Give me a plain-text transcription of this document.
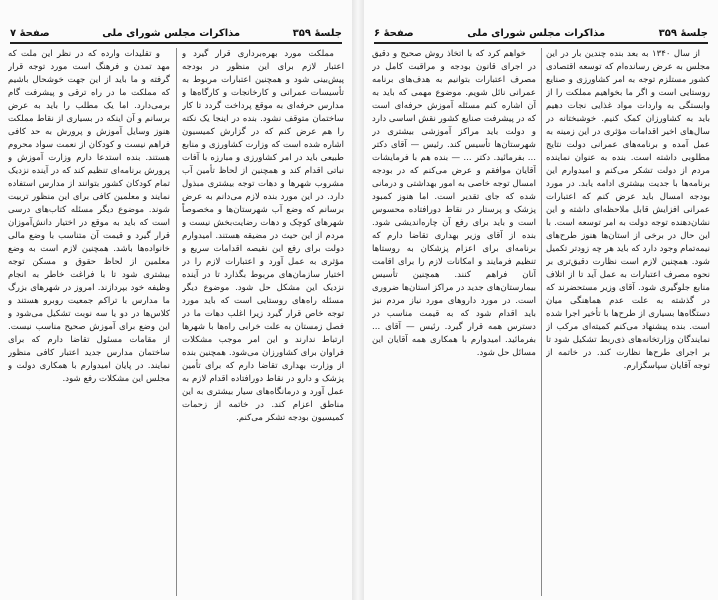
صفحهٔ ۷	مذاکرات مجلس شورای ملی	جلسهٔ ۳۵۹

مملکت مورد بهره‌برداری قرار گیرد و اعتبار لازم برای این منظور در بودجه پیش‌بینی شود و همچنین اعتبارات مربوط به تأسیسات عمرانی و کارخانجات و کارگاه‌ها و مدارس حرفه‌ای به موقع پرداخت گردد تا کار ساختمان متوقف نشود. بنده در اینجا یک نکته را هم عرض کنم که در گزارش کمیسیون اشاره شده است که وزارت کشاورزی و منابع طبیعی باید در امر کشاورزی و مبارزه با آفات نباتی اقدام کند و همچنین از لحاظ تأمین آب مشروب شهرها و دهات توجه بیشتری مبذول دارد. در این مورد بنده لازم می‌دانم به عرض برسانم که وضع آب شهرستان‌ها و مخصوصاً شهرهای کوچک و دهات رضایت‌بخش نیست و مردم از این حیث در مضیقه هستند. امیدوارم دولت برای رفع این نقیصه اقدامات سریع و مؤثری به عمل آورد و اعتبارات لازم را در اختیار سازمان‌های مربوط بگذارد تا در آینده نزدیک این مشکل حل شود. موضوع دیگر مسئله راه‌های روستایی است که باید مورد توجه خاص قرار گیرد زیرا اغلب دهات ما در فصل زمستان به علت خرابی راه‌ها با شهرها ارتباط ندارند و این امر موجب مشکلات فراوان برای کشاورزان می‌شود. همچنین بنده از وزارت بهداری تقاضا دارم که برای تأمین پزشک و دارو در نقاط دورافتاده اقدام لازم به عمل آورد و درمانگاه‌های سیار بیشتری به این مناطق اعزام کند. در خاتمه از زحمات کمیسیون بودجه تشکر می‌کنم.

و تقلیدات وارده که در نظر این ملت که مهد تمدن و فرهنگ است مورد توجه قرار گرفته و ما باید از این جهت خوشحال باشیم که مملکت ما در راه ترقی و پیشرفت گام برمی‌دارد. اما یک مطلب را باید به عرض برسانم و آن اینکه در بسیاری از نقاط مملکت هنوز وسایل آموزش و پرورش به حد کافی فراهم نیست و کودکان از نعمت سواد محروم هستند. بنده استدعا دارم وزارت آموزش و پرورش برنامه‌ای تنظیم کند که در آینده نزدیک تمام کودکان کشور بتوانند از مدارس استفاده نمایند و معلمین کافی برای این منظور تربیت شوند. موضوع دیگر مسئله کتاب‌های درسی است که باید به موقع در اختیار دانش‌آموزان قرار گیرد و قیمت آن متناسب با وضع مالی خانواده‌ها باشد. همچنین لازم است به وضع معلمین از لحاظ حقوق و مسکن توجه بیشتری شود تا با فراغت خاطر به انجام وظیفه خود بپردازند. امروز در شهرهای بزرگ ما مدارس با تراکم جمعیت روبرو هستند و کلاس‌ها در دو یا سه نوبت تشکیل می‌شود و این وضع برای آموزش صحیح مناسب نیست. از مقامات مسئول تقاضا دارم که برای ساختمان مدارس جدید اعتبار کافی منظور نمایند. در پایان امیدوارم با همکاری دولت و مجلس این مشکلات رفع شود.

صفحهٔ ۶	مذاکرات مجلس شورای ملی	جلسهٔ ۳۵۹

از سال ۱۳۴۰ به بعد بنده چندین بار در این مجلس به عرض رسانده‌ام که توسعه اقتصادی کشور مستلزم توجه به امر کشاورزی و صنایع روستایی است و اگر ما بخواهیم مملکت را از وابستگی به واردات مواد غذایی نجات دهیم باید به کشاورزان کمک کنیم. خوشبختانه در سال‌های اخیر اقدامات مؤثری در این زمینه به عمل آمده و برنامه‌های عمرانی دولت نتایج مطلوبی داشته است. بنده به عنوان نماینده مردم از دولت تشکر می‌کنم و امیدوارم این برنامه‌ها با جدیت بیشتری ادامه یابد. در مورد بودجه امسال باید عرض کنم که اعتبارات عمرانی افزایش قابل ملاحظه‌ای داشته و این نشان‌دهنده توجه دولت به امر توسعه است. با این حال در برخی از استان‌ها هنوز طرح‌های نیمه‌تمام وجود دارد که باید هر چه زودتر تکمیل شود. همچنین لازم است نظارت دقیق‌تری بر نحوه مصرف اعتبارات به عمل آید تا از اتلاف منابع جلوگیری شود. آقای وزیر مستحضرند که در گذشته به علت عدم هماهنگی میان دستگاه‌ها بسیاری از طرح‌ها با تأخیر اجرا شده است. بنده پیشنهاد می‌کنم کمیته‌ای مرکب از نمایندگان وزارتخانه‌های ذی‌ربط تشکیل شود تا بر اجرای طرح‌ها نظارت کند. در خاتمه از توجه آقایان سپاسگزارم.

خواهم کرد که با اتخاذ روش صحیح و دقیق در اجرای قانون بودجه و مراقبت کامل در مصرف اعتبارات بتوانیم به هدف‌های برنامه عمرانی نائل شویم. موضوع مهمی که باید به آن اشاره کنم مسئله آموزش حرفه‌ای است که در پیشرفت صنایع کشور نقش اساسی دارد و دولت باید مراکز آموزشی بیشتری در شهرستان‌ها تأسیس کند. رئیس — آقای دکتر ... بفرمائید. دکتر ... — بنده هم با فرمایشات آقایان موافقم و عرض می‌کنم که در بودجه امسال توجه خاصی به امور بهداشتی و درمانی شده که جای تقدیر است. اما هنوز کمبود پزشک و پرستار در نقاط دورافتاده محسوس است و باید برای رفع آن چاره‌اندیشی شود. بنده از آقای وزیر بهداری تقاضا دارم که برنامه‌ای برای اعزام پزشکان به روستاها تنظیم فرمایند و امکانات لازم را برای اقامت آنان فراهم کنند. همچنین تأسیس بیمارستان‌های جدید در مراکز استان‌ها ضروری است. در مورد داروهای مورد نیاز مردم نیز باید اقدام شود که به قیمت مناسب در دسترس همه قرار گیرد. رئیس — آقای ... بفرمائید. امیدوارم با همکاری همه آقایان این مسائل حل شود.
